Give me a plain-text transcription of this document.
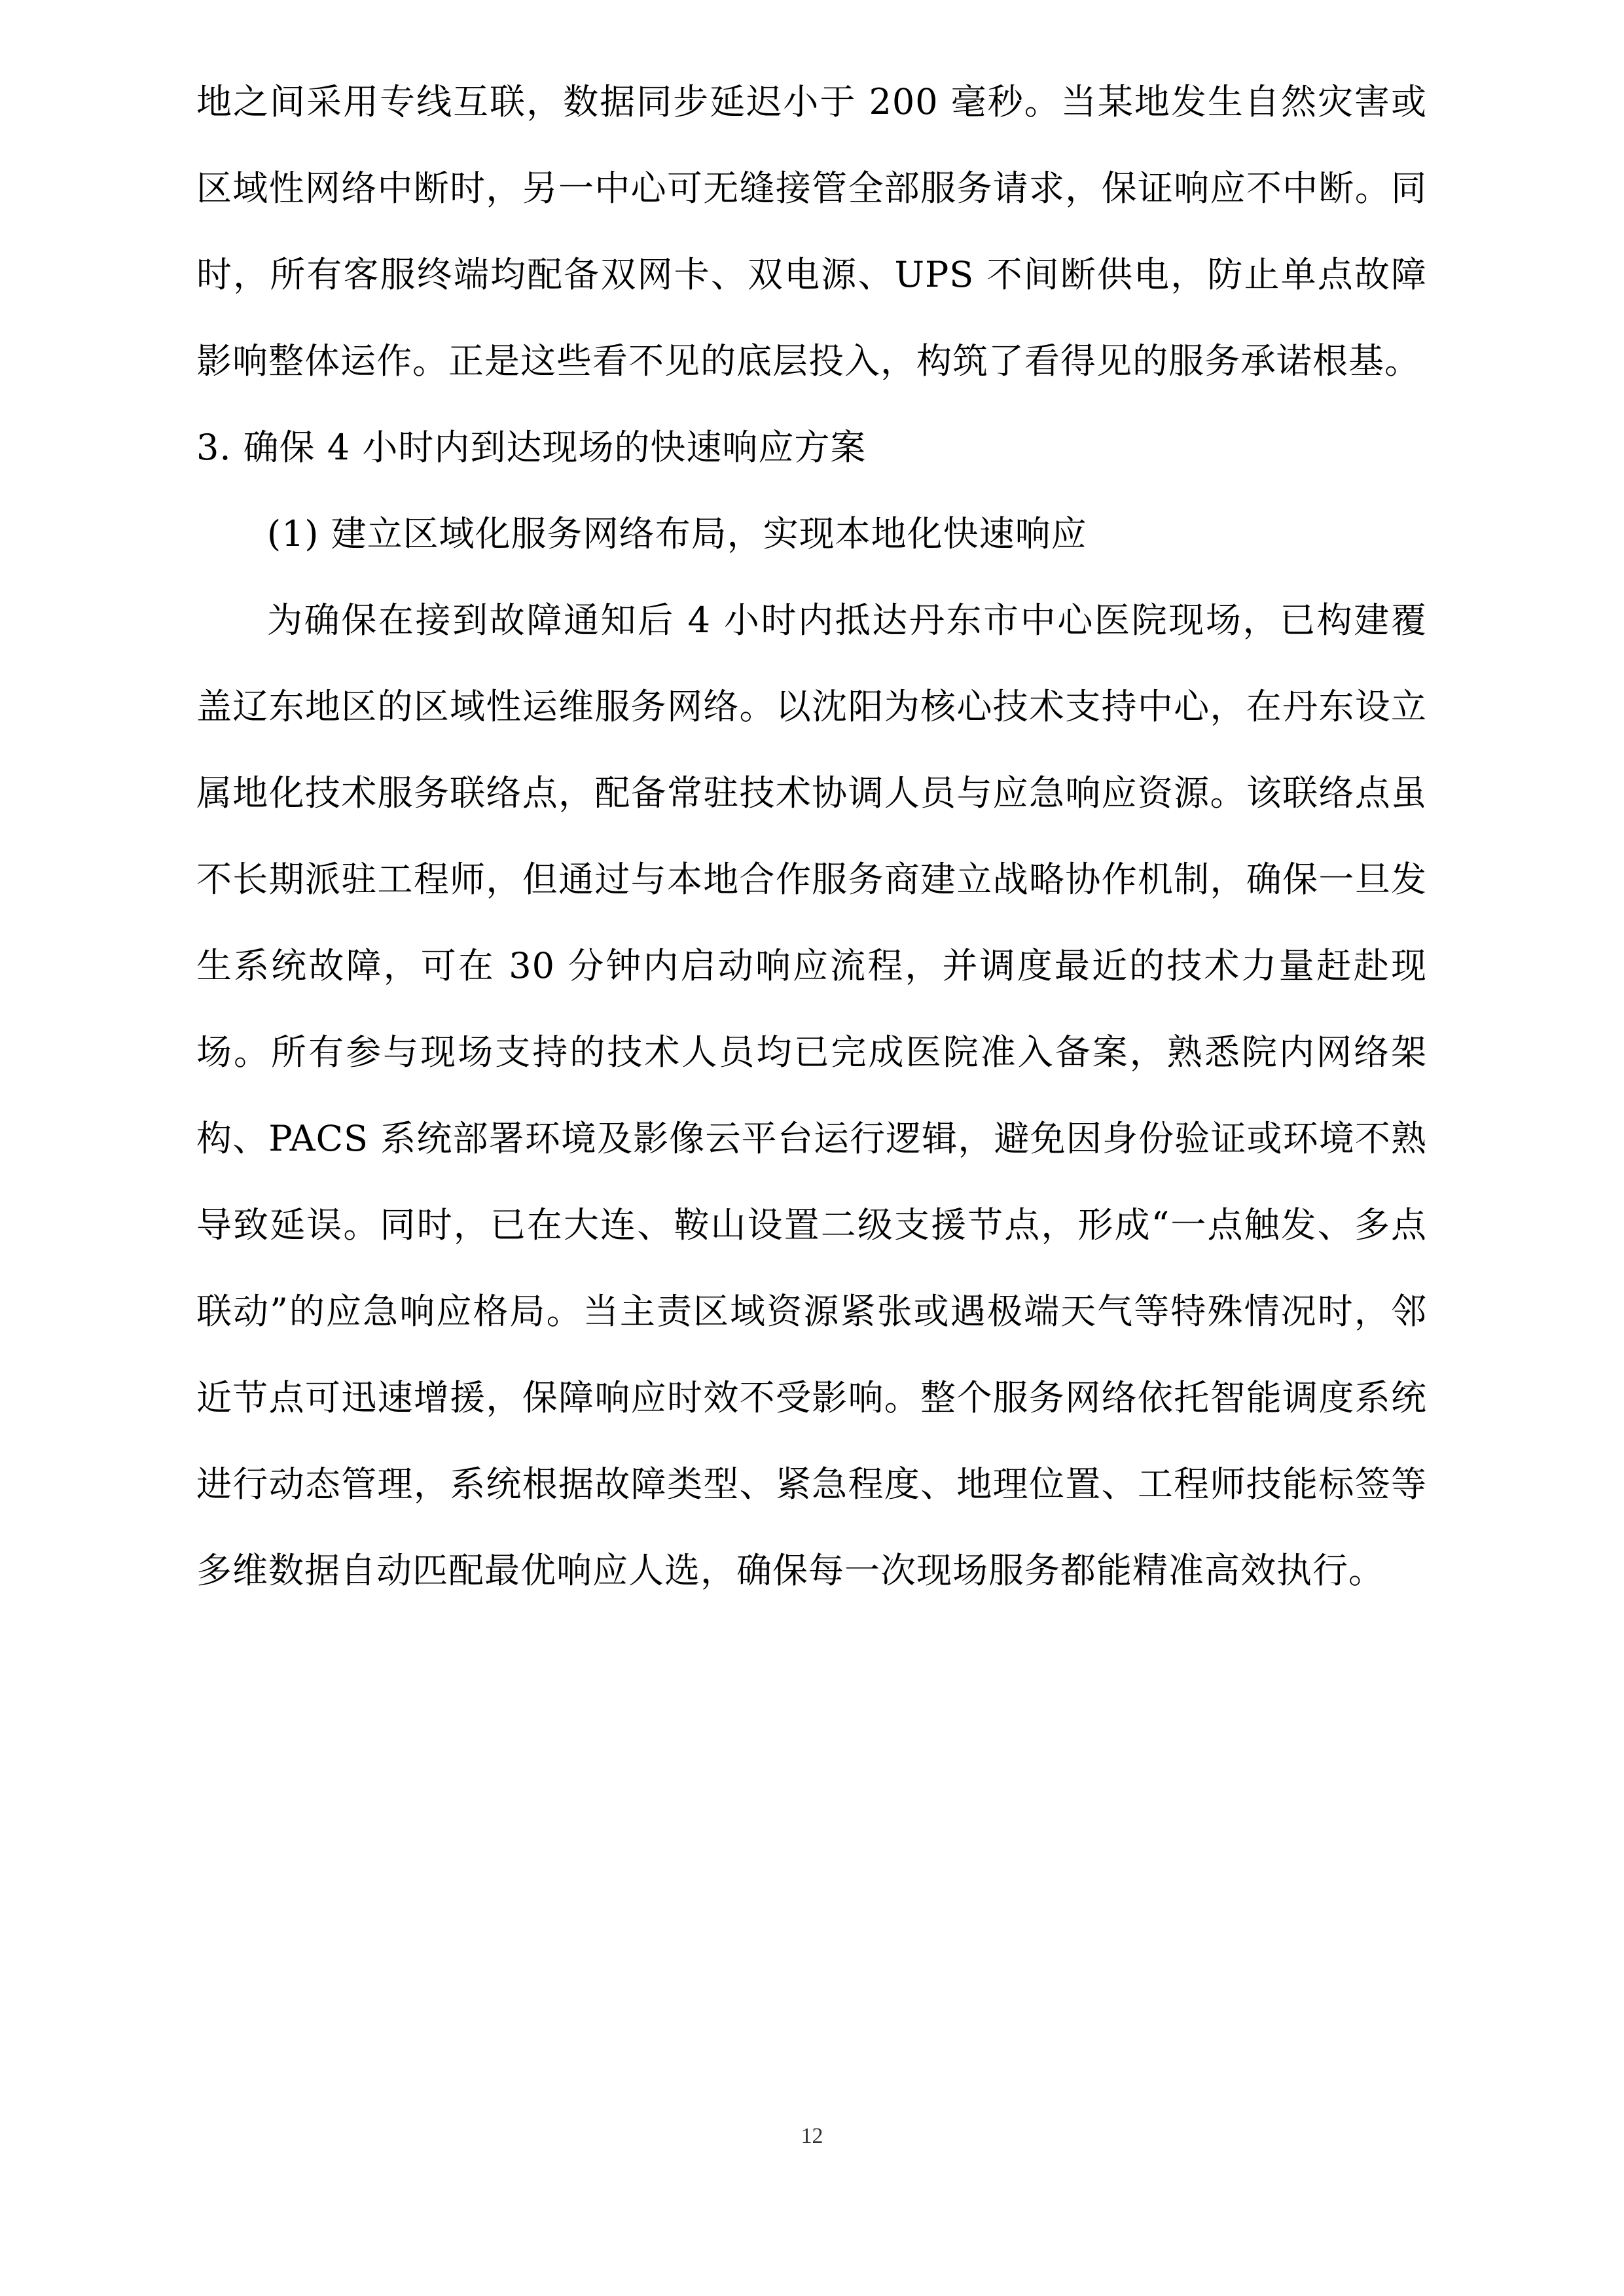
地之间采用专线互联，数据同步延迟小于 200 毫秒。当某地发生自然灾害或区域性网络中断时，另一中心可无缝接管全部服务请求，保证响应不中断。同时，所有客服终端均配备双网卡、双电源、UPS 不间断供电，防止单点故障影响整体运作。正是这些看不见的底层投入，构筑了看得见的服务承诺根基。

3. 确保 4 小时内到达现场的快速响应方案

(1) 建立区域化服务网络布局，实现本地化快速响应

为确保在接到故障通知后 4 小时内抵达丹东市中心医院现场，已构建覆盖辽东地区的区域性运维服务网络。以沈阳为核心技术支持中心，在丹东设立属地化技术服务联络点，配备常驻技术协调人员与应急响应资源。该联络点虽不长期派驻工程师，但通过与本地合作服务商建立战略协作机制，确保一旦发生系统故障，可在 30 分钟内启动响应流程，并调度最近的技术力量赶赴现场。所有参与现场支持的技术人员均已完成医院准入备案，熟悉院内网络架构、PACS 系统部署环境及影像云平台运行逻辑，避免因身份验证或环境不熟导致延误。同时，已在大连、鞍山设置二级支援节点，形成“一点触发、多点联动”的应急响应格局。当主责区域资源紧张或遇极端天气等特殊情况时，邻近节点可迅速增援，保障响应时效不受影响。整个服务网络依托智能调度系统进行动态管理，系统根据故障类型、紧急程度、地理位置、工程师技能标签等多维数据自动匹配最优响应人选，确保每一次现场服务都能精准高效执行。

12
